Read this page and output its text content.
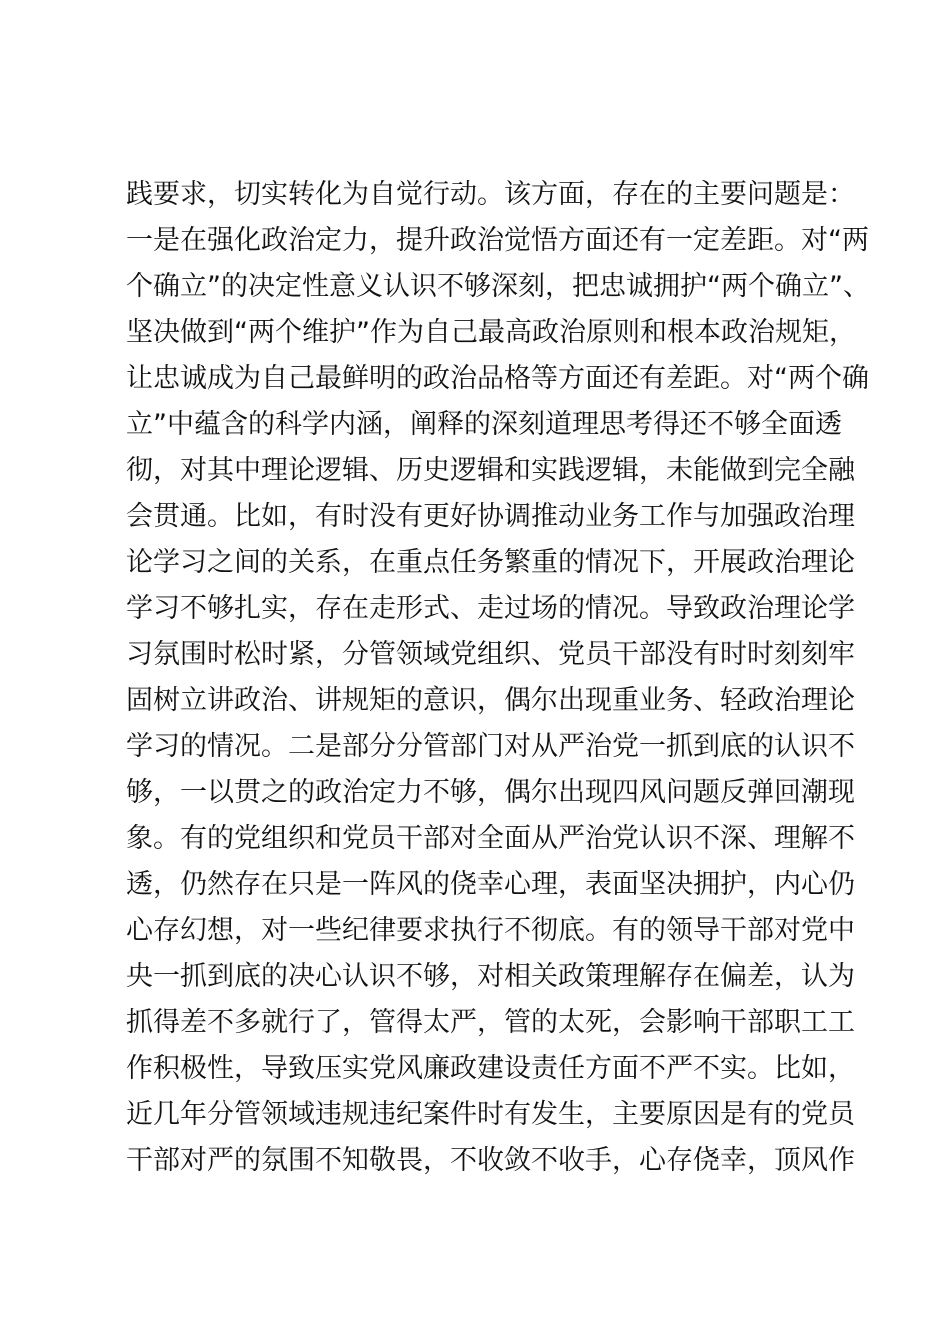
践要求，切实转化为自觉行动。该方面，存在的主要问题是：
一是在强化政治定力，提升政治觉悟方面还有一定差距。对“两
个确立”的决定性意义认识不够深刻，把忠诚拥护“两个确立”、
坚决做到“两个维护”作为自己最高政治原则和根本政治规矩，
让忠诚成为自己最鲜明的政治品格等方面还有差距。对“两个确
立”中蕴含的科学内涵，阐释的深刻道理思考得还不够全面透
彻，对其中理论逻辑、历史逻辑和实践逻辑，未能做到完全融
会贯通。比如，有时没有更好协调推动业务工作与加强政治理
论学习之间的关系，在重点任务繁重的情况下，开展政治理论
学习不够扎实，存在走形式、走过场的情况。导致政治理论学
习氛围时松时紧，分管领域党组织、党员干部没有时时刻刻牢
固树立讲政治、讲规矩的意识，偶尔出现重业务、轻政治理论
学习的情况。二是部分分管部门对从严治党一抓到底的认识不
够，一以贯之的政治定力不够，偶尔出现四风问题反弹回潮现
象。有的党组织和党员干部对全面从严治党认识不深、理解不
透，仍然存在只是一阵风的侥幸心理，表面坚决拥护，内心仍
心存幻想，对一些纪律要求执行不彻底。有的领导干部对党中
央一抓到底的决心认识不够，对相关政策理解存在偏差，认为
抓得差不多就行了，管得太严，管的太死，会影响干部职工工
作积极性，导致压实党风廉政建设责任方面不严不实。比如，
近几年分管领域违规违纪案件时有发生，主要原因是有的党员
干部对严的氛围不知敬畏，不收敛不收手，心存侥幸，顶风作
